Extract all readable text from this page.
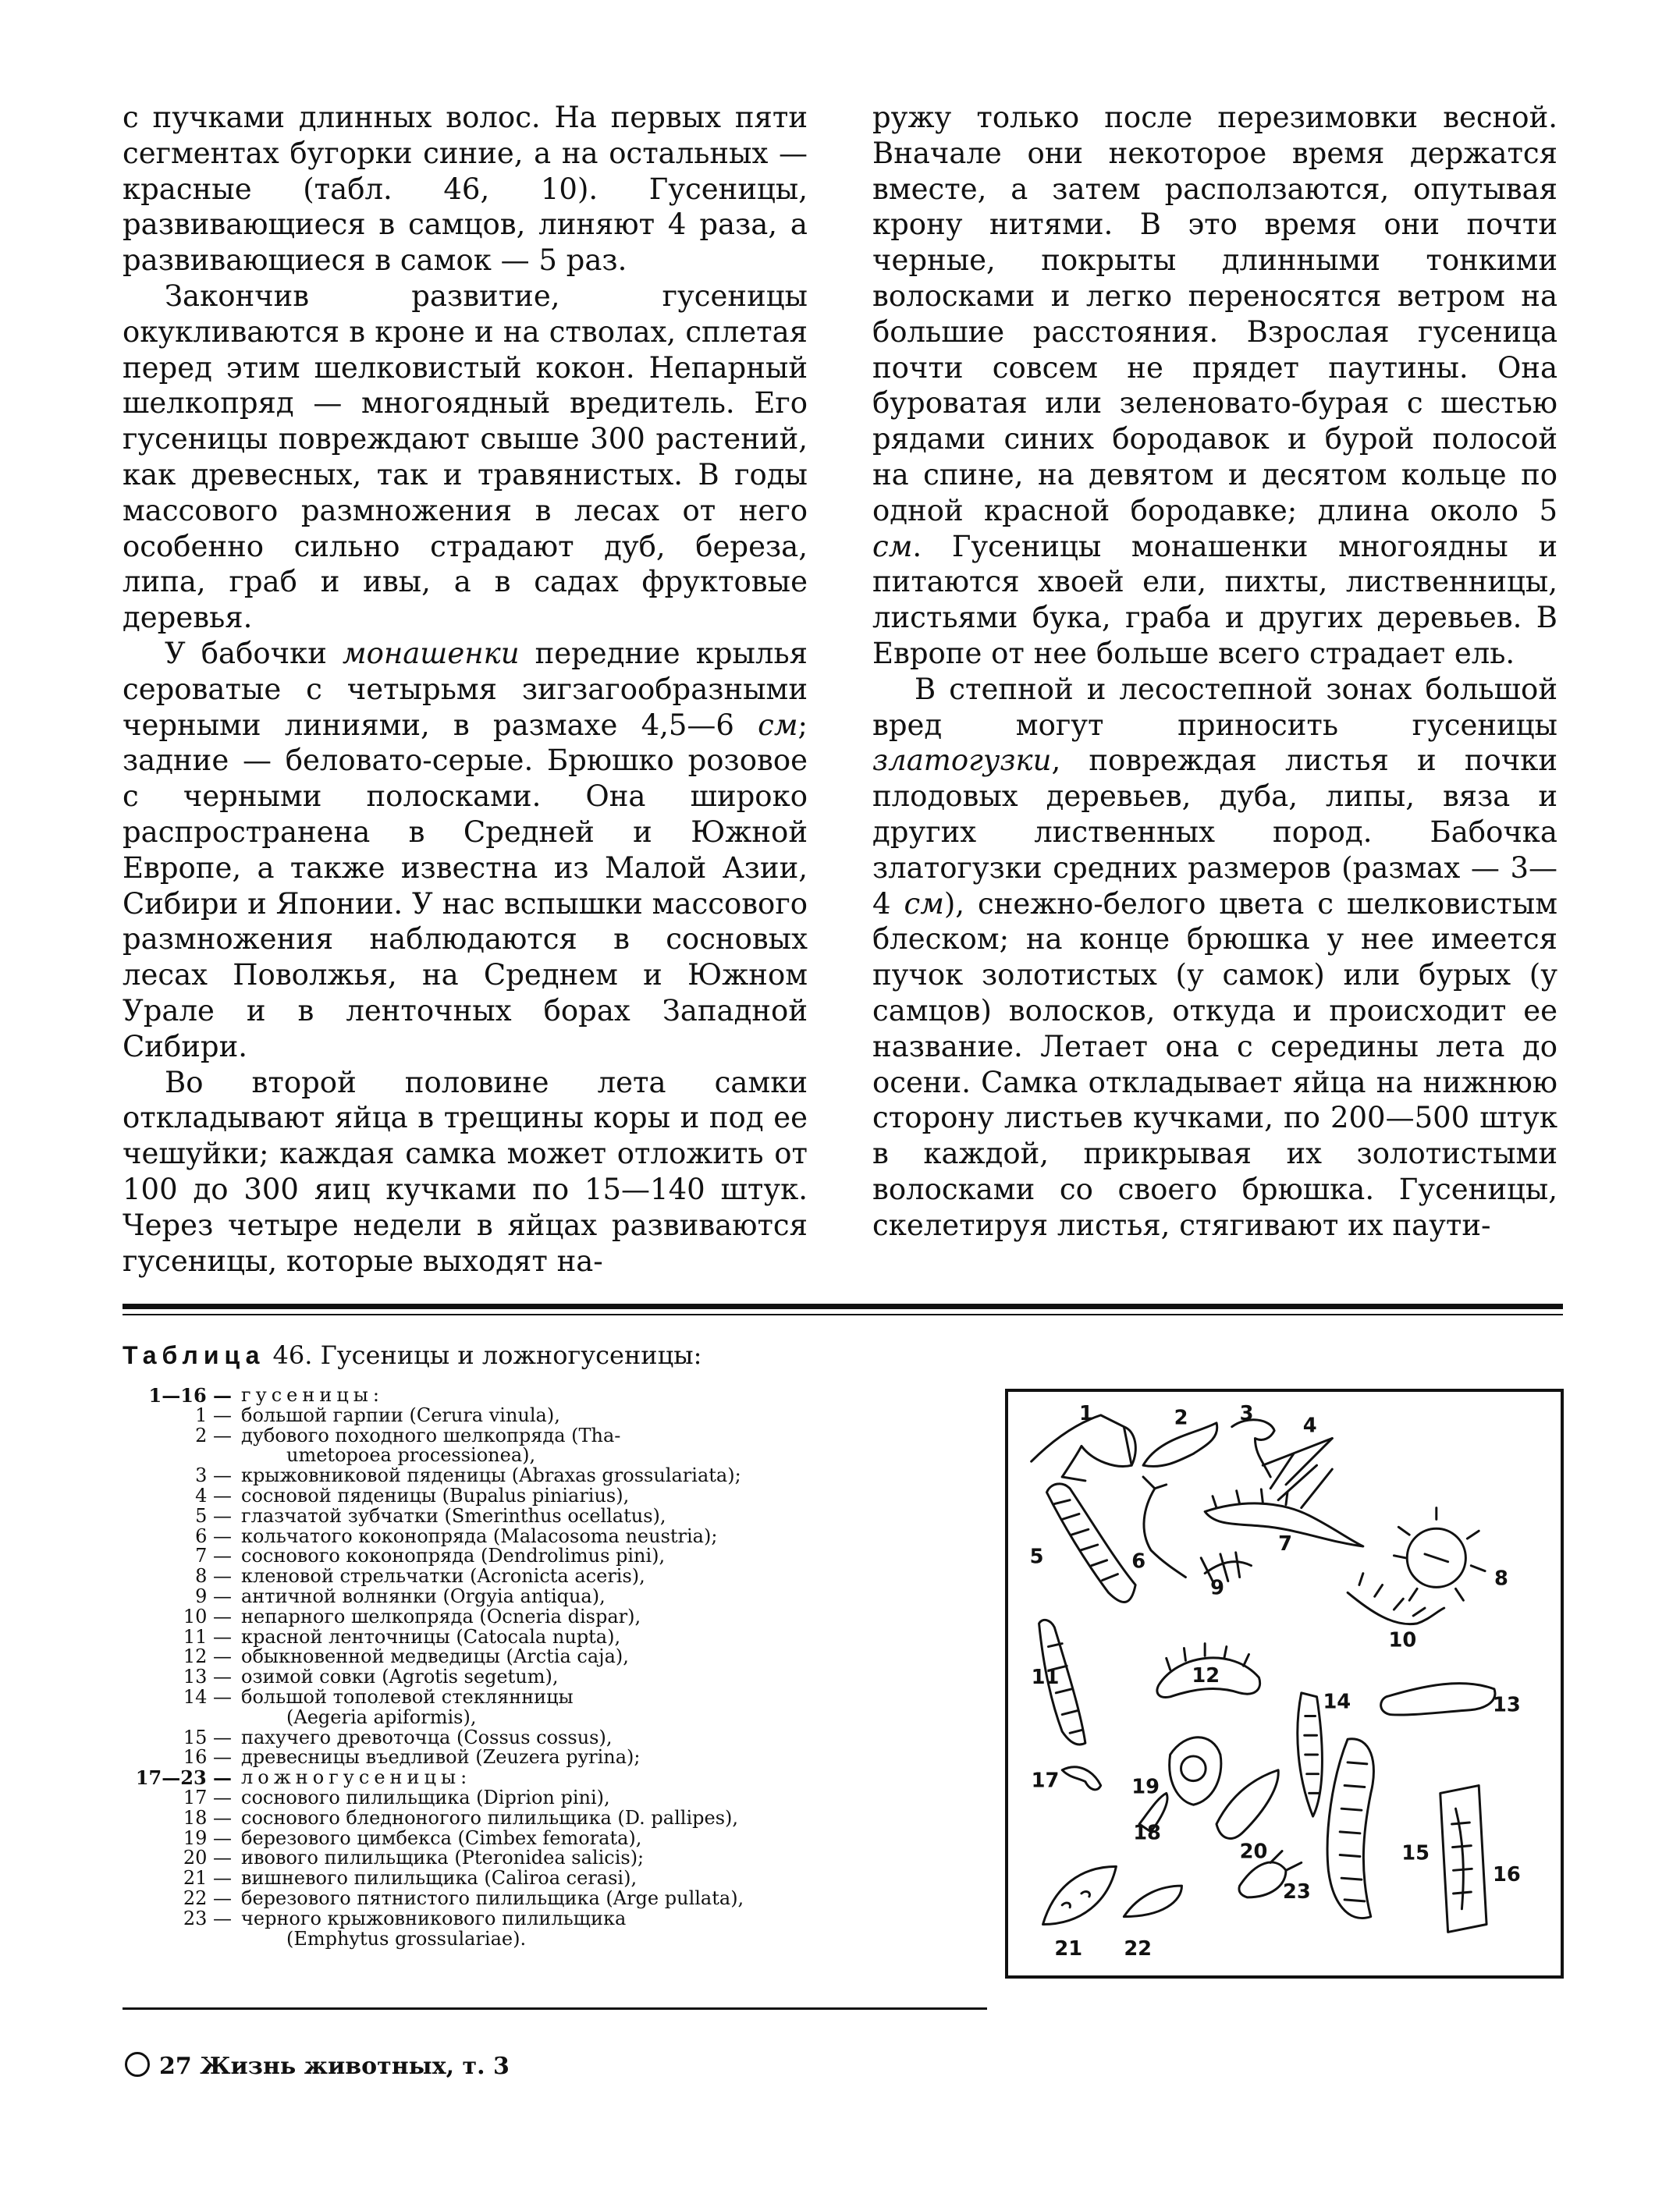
с пучками длинных волос. На первых пяти сегментах бугорки синие, а на остальных — красные (табл. 46, 10). Гусеницы, развивающиеся в самцов, линяют 4 раза, а развивающиеся в самок — 5 раз.

Закончив развитие, гусеницы окукливаются в кроне и на стволах, сплетая перед этим шелковистый кокон. Непарный шелкопряд — многоядный вредитель. Его гусеницы повреждают свыше 300 растений, как древесных, так и травянистых. В годы массового размножения в лесах от него особенно сильно страдают дуб, береза, липа, граб и ивы, а в садах фруктовые деревья.

У бабочки монашенки передние крылья сероватые с четырьмя зигзагообразными черными линиями, в размахе 4,5—6 см; задние — беловато-серые. Брюшко розовое с черными полосками. Она широко распространена в Средней и Южной Европе, а также известна из Малой Азии, Сибири и Японии. У нас вспышки массового размножения наблюдаются в сосновых лесах Поволжья, на Среднем и Южном Урале и в ленточных борах Западной Сибири.

Во второй половине лета самки откладывают яйца в трещины коры и под ее чешуйки; каждая самка может отложить от 100 до 300 яиц кучками по 15—140 штук. Через четыре недели в яйцах развиваются гусеницы, которые выходят на-

ружу только после перезимовки весной. Вначале они некоторое время держатся вместе, а затем расползаются, опутывая крону нитями. В это время они почти черные, покрыты длинными тонкими волосками и легко переносятся ветром на большие расстояния. Взрослая гусеница почти совсем не прядет паутины. Она буроватая или зеленовато-бурая с шестью рядами синих бородавок и бурой полосой на спине, на девятом и десятом кольце по одной красной бородавке; длина около 5 см. Гусеницы монашенки многоядны и питаются хвоей ели, пихты, лиственницы, листьями бука, граба и других деревьев. В Европе от нее больше всего страдает ель.

В степной и лесостепной зонах большой вред могут приносить гусеницы златогузки, повреждая листья и почки плодовых деревьев, дуба, липы, вяза и других лиственных пород. Бабочка златогузки средних размеров (размах — 3—4 см), снежно-белого цвета с шелковистым блеском; на конце брюшка у нее имеется пучок золотистых (у самок) или бурых (у самцов) волосков, откуда и происходит ее название. Летает она с середины лета до осени. Самка откладывает яйца на нижнюю сторону листьев кучками, по 200—500 штук в каждой, прикрывая их золотистыми волосками со своего брюшка. Гусеницы, скелетируя листья, стягивают их паути-

Таблица 46. Гусеницы и ложногусеницы:
1—16 — гусеницы:
1 — большой гарпии (Cerura vinula),
2 — дубового походного шелкопряда (Tha-
umetopoea processionea),
3 — крыжовниковой пяденицы (Abraxas grossulariata);
4 — сосновой пяденицы (Bupalus piniarius),
5 — глазчатой зубчатки (Smerinthus ocellatus),
6 — кольчатого коконопряда (Malacosoma neustria);
7 — соснового коконопряда (Dendrolimus pini),
8 — кленовой стрельчатки (Acronicta aceris),
9 — античной волнянки (Orgyia antiqua),
10 — непарного шелкопряда (Ocneria dispar),
11 — красной ленточницы (Catocala nupta),
12 — обыкновенной медведицы (Arctia caja),
13 — озимой совки (Agrotis segetum),
14 — большой тополевой стеклянницы
(Aegeria apiformis),
15 — пахучего древоточца (Cossus cossus),
16 — древесницы въедливой (Zeuzera pyrina);
17—23 — ложногусеницы:
17 — соснового пилильщика (Diprion pini),
18 — соснового бледноногого пилильщика (D. pallipes),
19 — березового цимбекса (Cimbex femorata),
20 — ивового пилильщика (Pteronidea salicis);
21 — вишневого пилильщика (Caliroa cerasi),
22 — березового пятнистого пилильщика (Arge pullata),
23 — черного крыжовникового пилильщика
(Emphytus grossulariae).
1	2	3
4
5	6
7
8
9
10
11	12
13
14
15
16
17
18
19
20
21 22
23
27 Жизнь животных, т. 3
